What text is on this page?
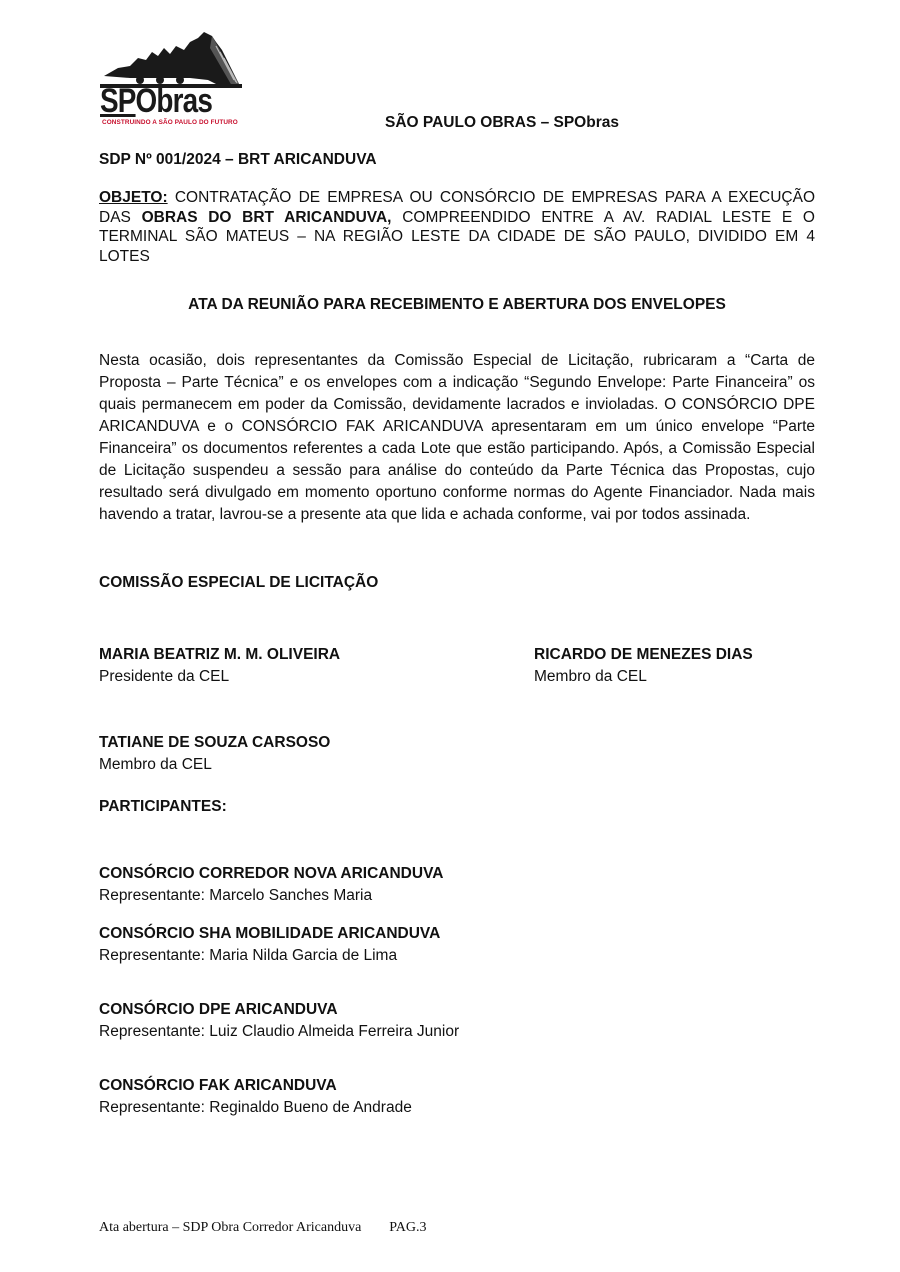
SPObras
CONSTRUINDO A SÃO PAULO DO FUTURO	SÃO PAULO OBRAS – SPObras
SDP Nº 001/2024 – BRT ARICANDUVA
OBJETO: CONTRATAÇÃO DE EMPRESA OU CONSÓRCIO DE EMPRESAS PARA A EXECUÇÃO DAS OBRAS DO BRT ARICANDUVA, COMPREENDIDO ENTRE A AV. RADIAL LESTE E O TERMINAL SÃO MATEUS – NA REGIÃO LESTE DA CIDADE DE SÃO PAULO, DIVIDIDO EM 4 LOTES
ATA DA REUNIÃO PARA RECEBIMENTO E ABERTURA DOS ENVELOPES
Nesta ocasião, dois representantes da Comissão Especial de Licitação, rubricaram a “Carta de Proposta – Parte Técnica” e os envelopes com a indicação “Segundo Envelope: Parte Financeira” os quais permanecem em poder da Comissão, devidamente lacrados e invioladas. O CONSÓRCIO DPE ARICANDUVA e o CONSÓRCIO FAK ARICANDUVA apresentaram em um único envelope “Parte Financeira” os documentos referentes a cada Lote que estão participando. Após, a Comissão Especial de Licitação suspendeu a sessão para análise do conteúdo da Parte Técnica das Propostas, cujo resultado será divulgado em momento oportuno conforme normas do Agente Financiador. Nada mais havendo a tratar, lavrou-se a presente ata que lida e achada conforme, vai por todos assinada.
COMISSÃO ESPECIAL DE LICITAÇÃO
MARIA BEATRIZ M. M. OLIVEIRA
Presidente da CEL
RICARDO DE MENEZES DIAS
Membro da CEL
TATIANE DE SOUZA CARSOSO
Membro da CEL
PARTICIPANTES:
CONSÓRCIO CORREDOR NOVA ARICANDUVA
Representante: Marcelo Sanches Maria
CONSÓRCIO SHA MOBILIDADE ARICANDUVA
Representante: Maria Nilda Garcia de Lima
CONSÓRCIO DPE ARICANDUVA
Representante: Luiz Claudio Almeida Ferreira Junior
CONSÓRCIO FAK ARICANDUVA
Representante: Reginaldo Bueno de Andrade
Ata abertura – SDP Obra Corredor Aricanduva PAG.3
